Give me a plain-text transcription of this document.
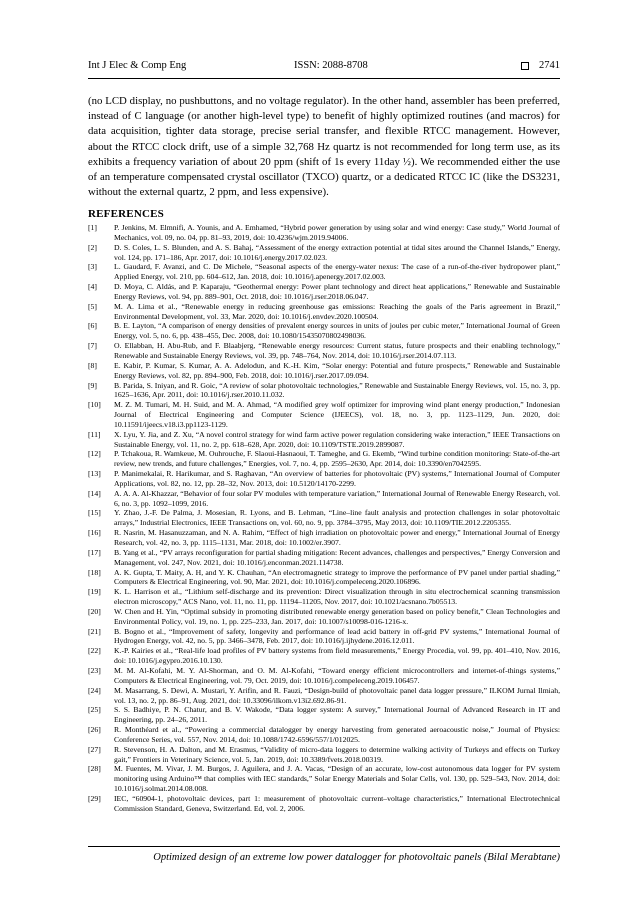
Int J Elec & Comp Eng	ISSN: 2088-8708	2741
(no LCD display, no pushbuttons, and no voltage regulator). In the other hand, assembler has been preferred, instead of C language (or another high-level type) to benefit of highly optimized routines (and macros) for data acquisition, tighter data storage, precise serial transfer, and flexible RTCC management. However, about the RTCC clock drift, use of a simple 32,768 Hz quartz is not recommended for long term use, as its exhibits a frequency variation of about 20 ppm (shift of 1s every 11day ½). We recommended either the use of an temperature compensated crystal oscillator (TXCO) quartz, or a dedicated RTCC IC (like the DS3231, without the external quartz, 2 ppm, and less expensive).
REFERENCES
[1]	P. Jenkins, M. Elmnifi, A. Younis, and A. Emhamed, “Hybrid power generation by using solar and wind energy: Case study,” World Journal of Mechanics, vol. 09, no. 04, pp. 81–93, 2019, doi: 10.4236/wjm.2019.94006.
[2]	D. S. Coles, L. S. Blunden, and A. S. Bahaj, “Assessment of the energy extraction potential at tidal sites around the Channel Islands,” Energy, vol. 124, pp. 171–186, Apr. 2017, doi: 10.1016/j.energy.2017.02.023.
[3]	L. Gaudard, F. Avanzi, and C. De Michele, “Seasonal aspects of the energy-water nexus: The case of a run-of-the-river hydropower plant,” Applied Energy, vol. 210, pp. 604–612, Jan. 2018, doi: 10.1016/j.apenergy.2017.02.003.
[4]	D. Moya, C. Aldás, and P. Kaparaju, “Geothermal energy: Power plant technology and direct heat applications,” Renewable and Sustainable Energy Reviews, vol. 94, pp. 889–901, Oct. 2018, doi: 10.1016/j.rser.2018.06.047.
[5]	M. A. Lima et al., “Renewable energy in reducing greenhouse gas emissions: Reaching the goals of the Paris agreement in Brazil,” Environmental Development, vol. 33, Mar. 2020, doi: 10.1016/j.envdev.2020.100504.
[6]	B. E. Layton, “A comparison of energy densities of prevalent energy sources in units of joules per cubic meter,” International Journal of Green Energy, vol. 5, no. 6, pp. 438–455, Dec. 2008, doi: 10.1080/15435070802498036.
[7]	O. Ellabban, H. Abu-Rub, and F. Blaabjerg, “Renewable energy resources: Current status, future prospects and their enabling technology,” Renewable and Sustainable Energy Reviews, vol. 39, pp. 748–764, Nov. 2014, doi: 10.1016/j.rser.2014.07.113.
[8]	E. Kabir, P. Kumar, S. Kumar, A. A. Adelodun, and K.-H. Kim, “Solar energy: Potential and future prospects,” Renewable and Sustainable Energy Reviews, vol. 82, pp. 894–900, Feb. 2018, doi: 10.1016/j.rser.2017.09.094.
[9]	B. Parida, S. Iniyan, and R. Goic, “A review of solar photovoltaic technologies,” Renewable and Sustainable Energy Reviews, vol. 15, no. 3, pp. 1625–1636, Apr. 2011, doi: 10.1016/j.rser.2010.11.032.
[10]	M. Z. M. Tumari, M. H. Suid, and M. A. Ahmad, “A modified grey wolf optimizer for improving wind plant energy production,” Indonesian Journal of Electrical Engineering and Computer Science (IJEECS), vol. 18, no. 3, pp. 1123–1129, Jun. 2020, doi: 10.11591/ijeecs.v18.i3.pp1123-1129.
[11]	X. Lyu, Y. Jia, and Z. Xu, “A novel control strategy for wind farm active power regulation considering wake interaction,” IEEE Transactions on Sustainable Energy, vol. 11, no. 2, pp. 618–628, Apr. 2020, doi: 10.1109/TSTE.2019.2899087.
[12]	P. Tchakoua, R. Wamkeue, M. Ouhrouche, F. Slaoui-Hasnaoui, T. Tameghe, and G. Ekemb, “Wind turbine condition monitoring: State-of-the-art review, new trends, and future challenges,” Energies, vol. 7, no. 4, pp. 2595–2630, Apr. 2014, doi: 10.3390/en7042595.
[13]	P. Manimekalai, R. Harikumar, and S. Raghavan, “An overview of batteries for photovoltaic (PV) systems,” International Journal of Computer Applications, vol. 82, no. 12, pp. 28–32, Nov. 2013, doi: 10.5120/14170-2299.
[14]	A. A. A. Al-Khazzar, “Behavior of four solar PV modules with temperature variation,” International Journal of Renewable Energy Research, vol. 6, no. 3, pp. 1092–1099, 2016.
[15]	Y. Zhao, J.-F. De Palma, J. Mosesian, R. Lyons, and B. Lehman, “Line–line fault analysis and protection challenges in solar photovoltaic arrays,” Industrial Electronics, IEEE Transactions on, vol. 60, no. 9, pp. 3784–3795, May 2013, doi: 10.1109/TIE.2012.2205355.
[16]	R. Nasrin, M. Hasanuzzaman, and N. A. Rahim, “Effect of high irradiation on photovoltaic power and energy,” International Journal of Energy Research, vol. 42, no. 3, pp. 1115–1131, Mar. 2018, doi: 10.1002/er.3907.
[17]	B. Yang et al., “PV arrays reconfiguration for partial shading mitigation: Recent advances, challenges and perspectives,” Energy Conversion and Management, vol. 247, Nov. 2021, doi: 10.1016/j.enconman.2021.114738.
[18]	A. K. Gupta, T. Maity, A. H, and Y. K. Chauhan, “An electromagnetic strategy to improve the performance of PV panel under partial shading,” Computers & Electrical Engineering, vol. 90, Mar. 2021, doi: 10.1016/j.compeleceng.2020.106896.
[19]	K. L. Harrison et al., “Lithium self-discharge and its prevention: Direct visualization through in situ electrochemical scanning transmission electron microscopy,” ACS Nano, vol. 11, no. 11, pp. 11194–11205, Nov. 2017, doi: 10.1021/acsnano.7b05513.
[20]	W. Chen and H. Yin, “Optimal subsidy in promoting distributed renewable energy generation based on policy benefit,” Clean Technologies and Environmental Policy, vol. 19, no. 1, pp. 225–233, Jan. 2017, doi: 10.1007/s10098-016-1216-x.
[21]	B. Bogno et al., “Improvement of safety, longevity and performance of lead acid battery in off-grid PV systems,” International Journal of Hydrogen Energy, vol. 42, no. 5, pp. 3466–3478, Feb. 2017, doi: 10.1016/j.ijhydene.2016.12.011.
[22]	K.-P. Kairies et al., “Real-life load profiles of PV battery systems from field measurements,” Energy Procedia, vol. 99, pp. 401–410, Nov. 2016, doi: 10.1016/j.egypro.2016.10.130.
[23]	M. M. Al-Kofahi, M. Y. Al-Shorman, and O. M. Al-Kofahi, “Toward energy efficient microcontrollers and internet-of-things systems,” Computers & Electrical Engineering, vol. 79, Oct. 2019, doi: 10.1016/j.compeleceng.2019.106457.
[24]	M. Masarrang, S. Dewi, A. Mustari, Y. Arifin, and R. Fauzi, “Design-build of photovoltaic panel data logger pressure,” ILKOM Jurnal Ilmiah, vol. 13, no. 2, pp. 86–91, Aug. 2021, doi: 10.33096/ilkom.v13i2.692.86-91.
[25]	S. S. Badhiye, P. N. Chatur, and B. V. Wakode, “Data logger system: A survey,” International Journal of Advanced Research in IT and Engineering, pp. 24–26, 2011.
[26]	R. Monthéard et al., “Powering a commercial datalogger by energy harvesting from generated aeroacoustic noise,” Journal of Physics: Conference Series, vol. 557, Nov. 2014, doi: 10.1088/1742-6596/557/1/012025.
[27]	R. Stevenson, H. A. Dalton, and M. Erasmus, “Validity of micro-data loggers to determine walking activity of Turkeys and effects on Turkey gait,” Frontiers in Veterinary Science, vol. 5, Jan. 2019, doi: 10.3389/fvets.2018.00319.
[28]	M. Fuentes, M. Vivar, J. M. Burgos, J. Aguilera, and J. A. Vacas, “Design of an accurate, low-cost autonomous data logger for PV system monitoring using Arduino™ that complies with IEC standards,” Solar Energy Materials and Solar Cells, vol. 130, pp. 529–543, Nov. 2014, doi: 10.1016/j.solmat.2014.08.008.
[29]	IEC, “60904-1, photovoltaic devices, part 1: measurement of photovoltaic current–voltage characteristics,” International Electrotechnical Commission Standard, Geneva, Switzerland. Ed, vol. 2, 2006.
Optimized design of an extreme low power datalogger for photovoltaic panels (Bilal Merabtane)
